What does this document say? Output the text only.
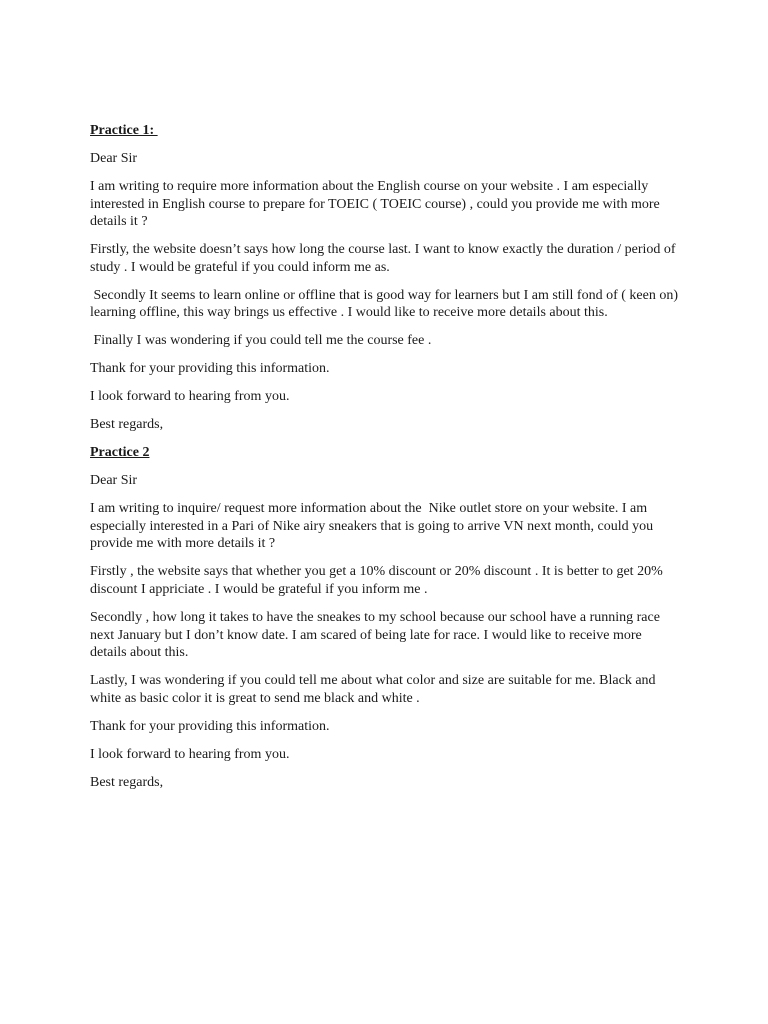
Practice 1:

Dear Sir

I am writing to require more information about the English course on your website . I am especially interested in English course to prepare for TOEIC ( TOEIC course) , could you provide me with more details it ?

Firstly, the website doesn’t says how long the course last. I want to know exactly the duration / period of study . I would be grateful if you could inform me as.

Secondly It seems to learn online or offline that is good way for learners but I am still fond of ( keen on) learning offline, this way brings us effective . I would like to receive more details about this.

Finally I was wondering if you could tell me the course fee .

Thank for your providing this information.

I look forward to hearing from you.

Best regards,

Practice 2

Dear Sir

I am writing to inquire/ request more information about the  Nike outlet store on your website. I am especially interested in a Pari of Nike airy sneakers that is going to arrive VN next month, could you provide me with more details it ?

Firstly , the website says that whether you get a 10% discount or 20% discount . It is better to get 20% discount I appriciate . I would be grateful if you inform me .

Secondly , how long it takes to have the sneakes to my school because our school have a running race next January but I don’t know date. I am scared of being late for race. I would like to receive more details about this.

Lastly, I was wondering if you could tell me about what color and size are suitable for me. Black and white as basic color it is great to send me black and white .

Thank for your providing this information.

I look forward to hearing from you.

Best regards,
